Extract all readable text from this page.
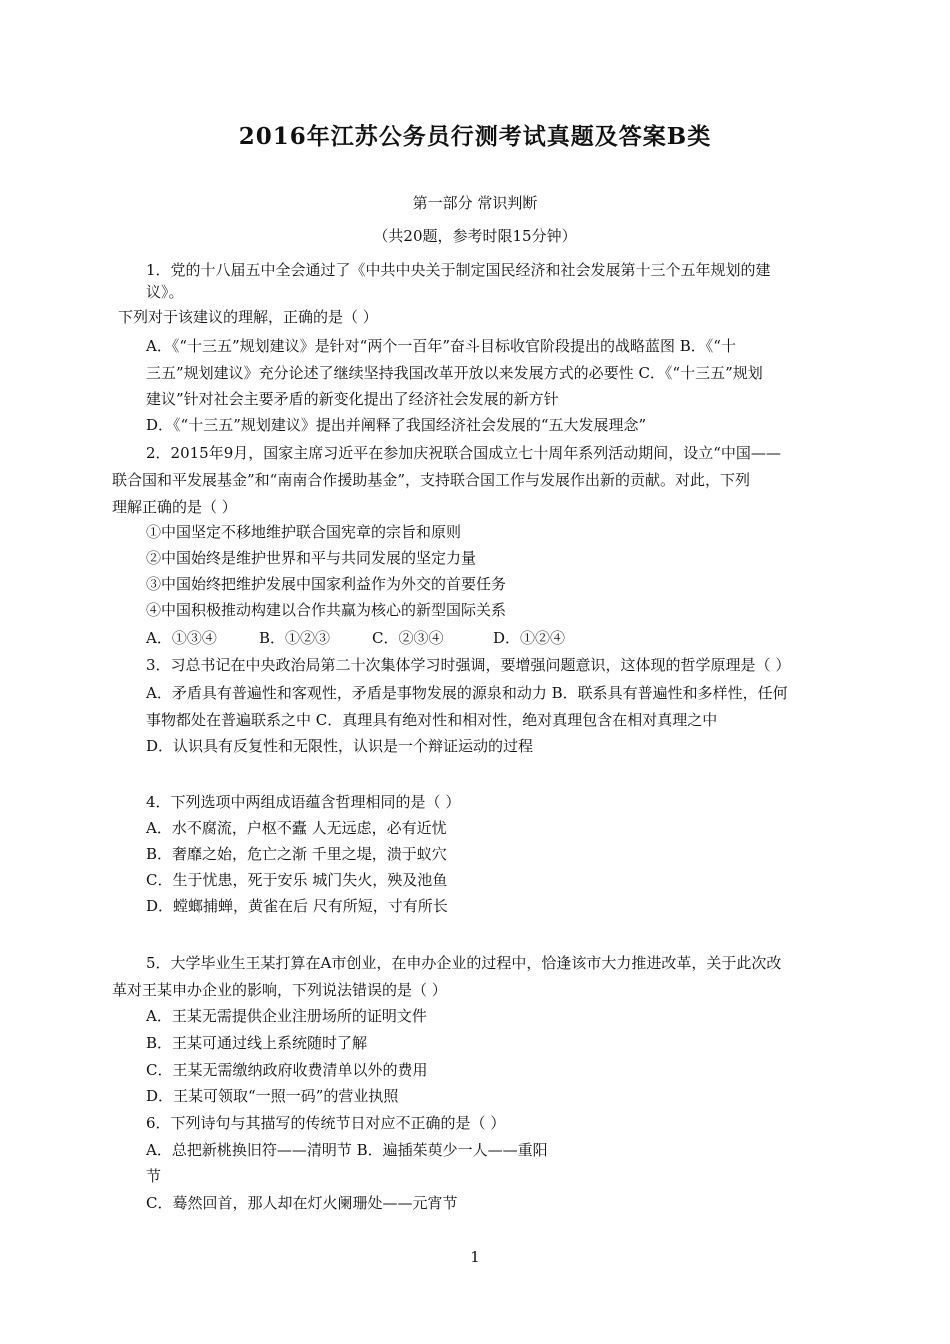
2016年江苏公务员行测考试真题及答案B类
第一部分 常识判断
（共20题，参考时限15分钟）
1．党的十八届五中全会通过了《中共中央关于制定国民经济和社会发展第十三个五年规划的建
议》。
下列对于该建议的理解，正确的是（ ）
A．《“十三五”规划建议》是针对“两个一百年”奋斗目标收官阶段提出的战略蓝图 B．《“十
三五”规划建议》充分论述了继续坚持我国改革开放以来发展方式的必要性 C．《“十三五”规划
建议”针对社会主要矛盾的新变化提出了经济社会发展的新方针
D．《“十三五”规划建议》提出并阐释了我国经济社会发展的“五大发展理念”
2．2015年9月，国家主席习近平在参加庆祝联合国成立七十周年系列活动期间，设立“中国——
联合国和平发展基金”和“南南合作援助基金”，支持联合国工作与发展作出新的贡献。对此，下列
理解正确的是（ ）
①中国坚定不移地维护联合国宪章的宗旨和原则
②中国始终是维护世界和平与共同发展的坚定力量
③中国始终把维护发展中国家利益作为外交的首要任务
④中国积极推动构建以合作共赢为核心的新型国际关系
A．①③④	B．①②③	C．②③④	D．①②④
3．习总书记在中央政治局第二十次集体学习时强调，要增强问题意识，这体现的哲学原理是（ ）
A．矛盾具有普遍性和客观性，矛盾是事物发展的源泉和动力 B．联系具有普遍性和多样性，任何
事物都处在普遍联系之中 C．真理具有绝对性和相对性，绝对真理包含在相对真理之中
D．认识具有反复性和无限性，认识是一个辩证运动的过程
4．下列选项中两组成语蕴含哲理相同的是（ ）
A．水不腐流，户枢不蠹 人无远虑，必有近忧
B．奢靡之始，危亡之渐 千里之堤，溃于蚁穴
C．生于忧患，死于安乐 城门失火，殃及池鱼
D．螳螂捕蝉，黄雀在后 尺有所短，寸有所长
5．大学毕业生王某打算在A市创业，在申办企业的过程中，恰逢该市大力推进改革，关于此次改
革对王某申办企业的影响，下列说法错误的是（ ）
A．王某无需提供企业注册场所的证明文件
B．王某可通过线上系统随时了解
C．王某无需缴纳政府收费清单以外的费用
D．王某可领取“一照一码”的营业执照
6．下列诗句与其描写的传统节日对应不正确的是（ ）
A．总把新桃换旧符——清明节 B．遍插茱萸少一人——重阳
节
C．蓦然回首，那人却在灯火阑珊处——元宵节
1
